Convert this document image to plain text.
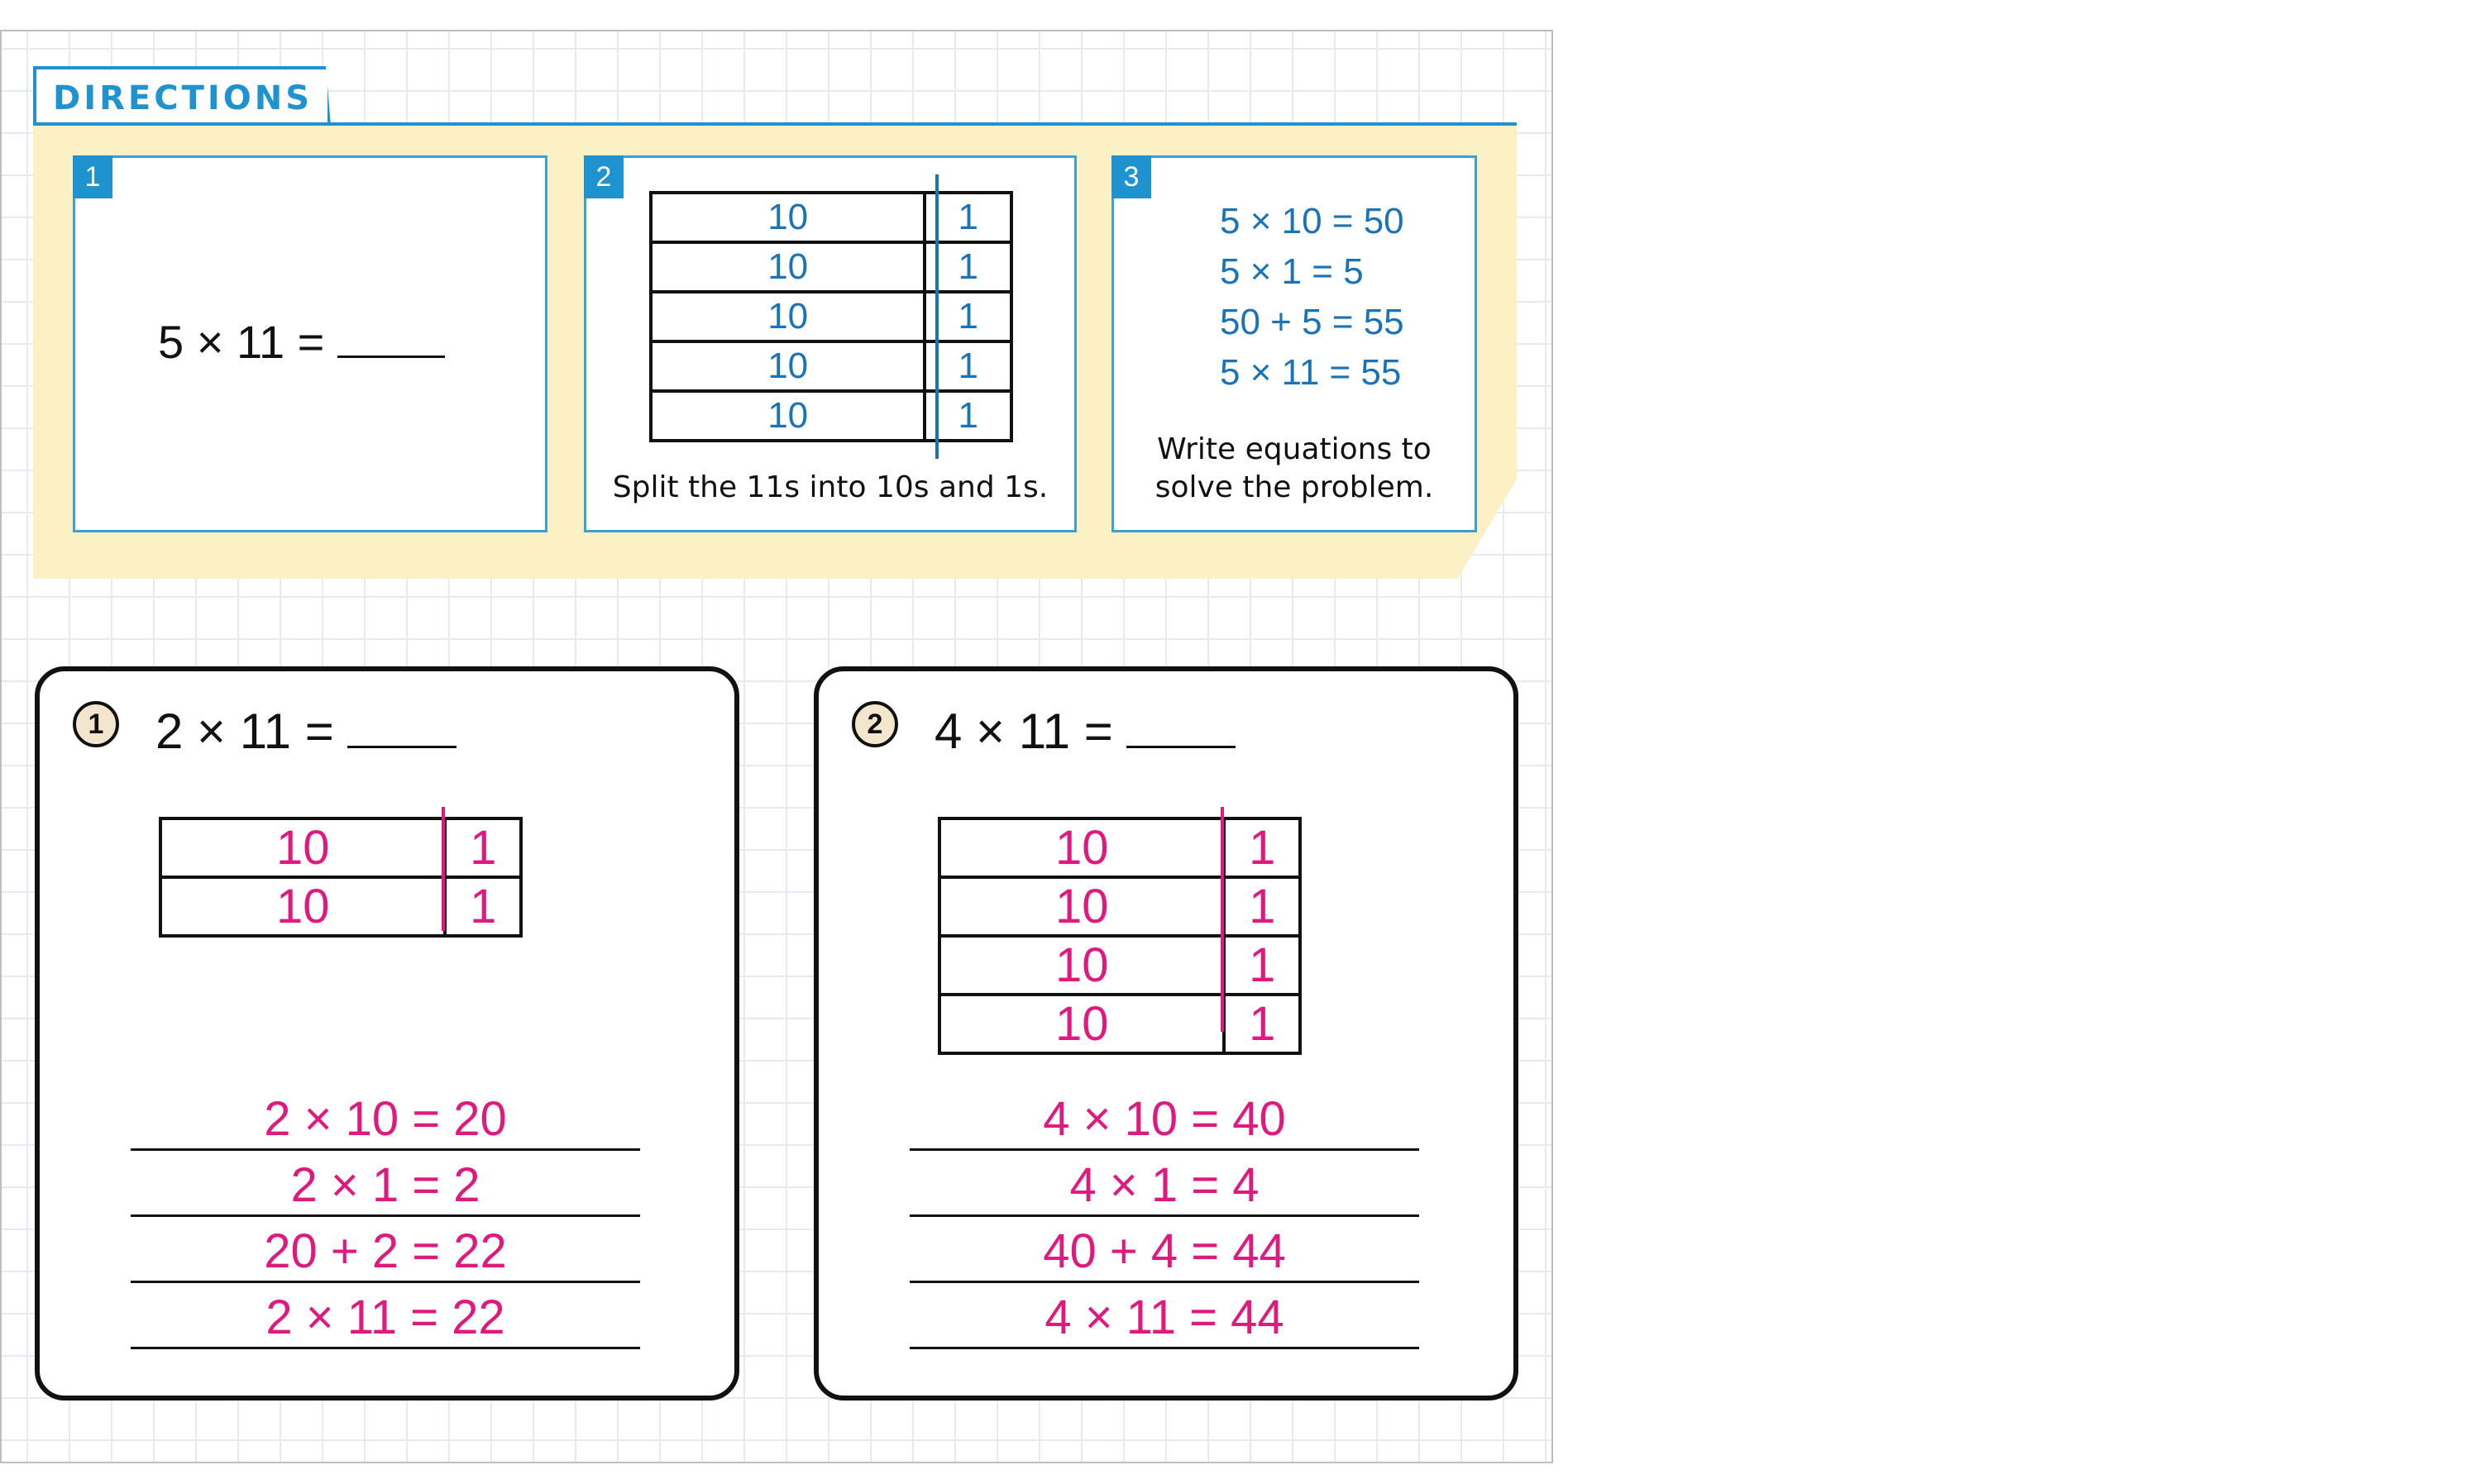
DIRECTIONS
1
5 × 11 =
2
10	1
10	1
10	1
10	1
10	1
Split the 11s into 10s and 1s.
3
5 × 10 = 50
5 × 1 = 5
50 + 5 = 55
5 × 11 = 55
Write equations to
solve the problem.
1	2 × 11 =
10	1
10	1
2 × 10 = 20
2 × 1 = 2
20 + 2 = 22
2 × 11 = 22
2	4 × 11 =
10	1
10	1
10	1
10	1
4 × 10 = 40
4 × 1 = 4
40 + 4 = 44
4 × 11 = 44
